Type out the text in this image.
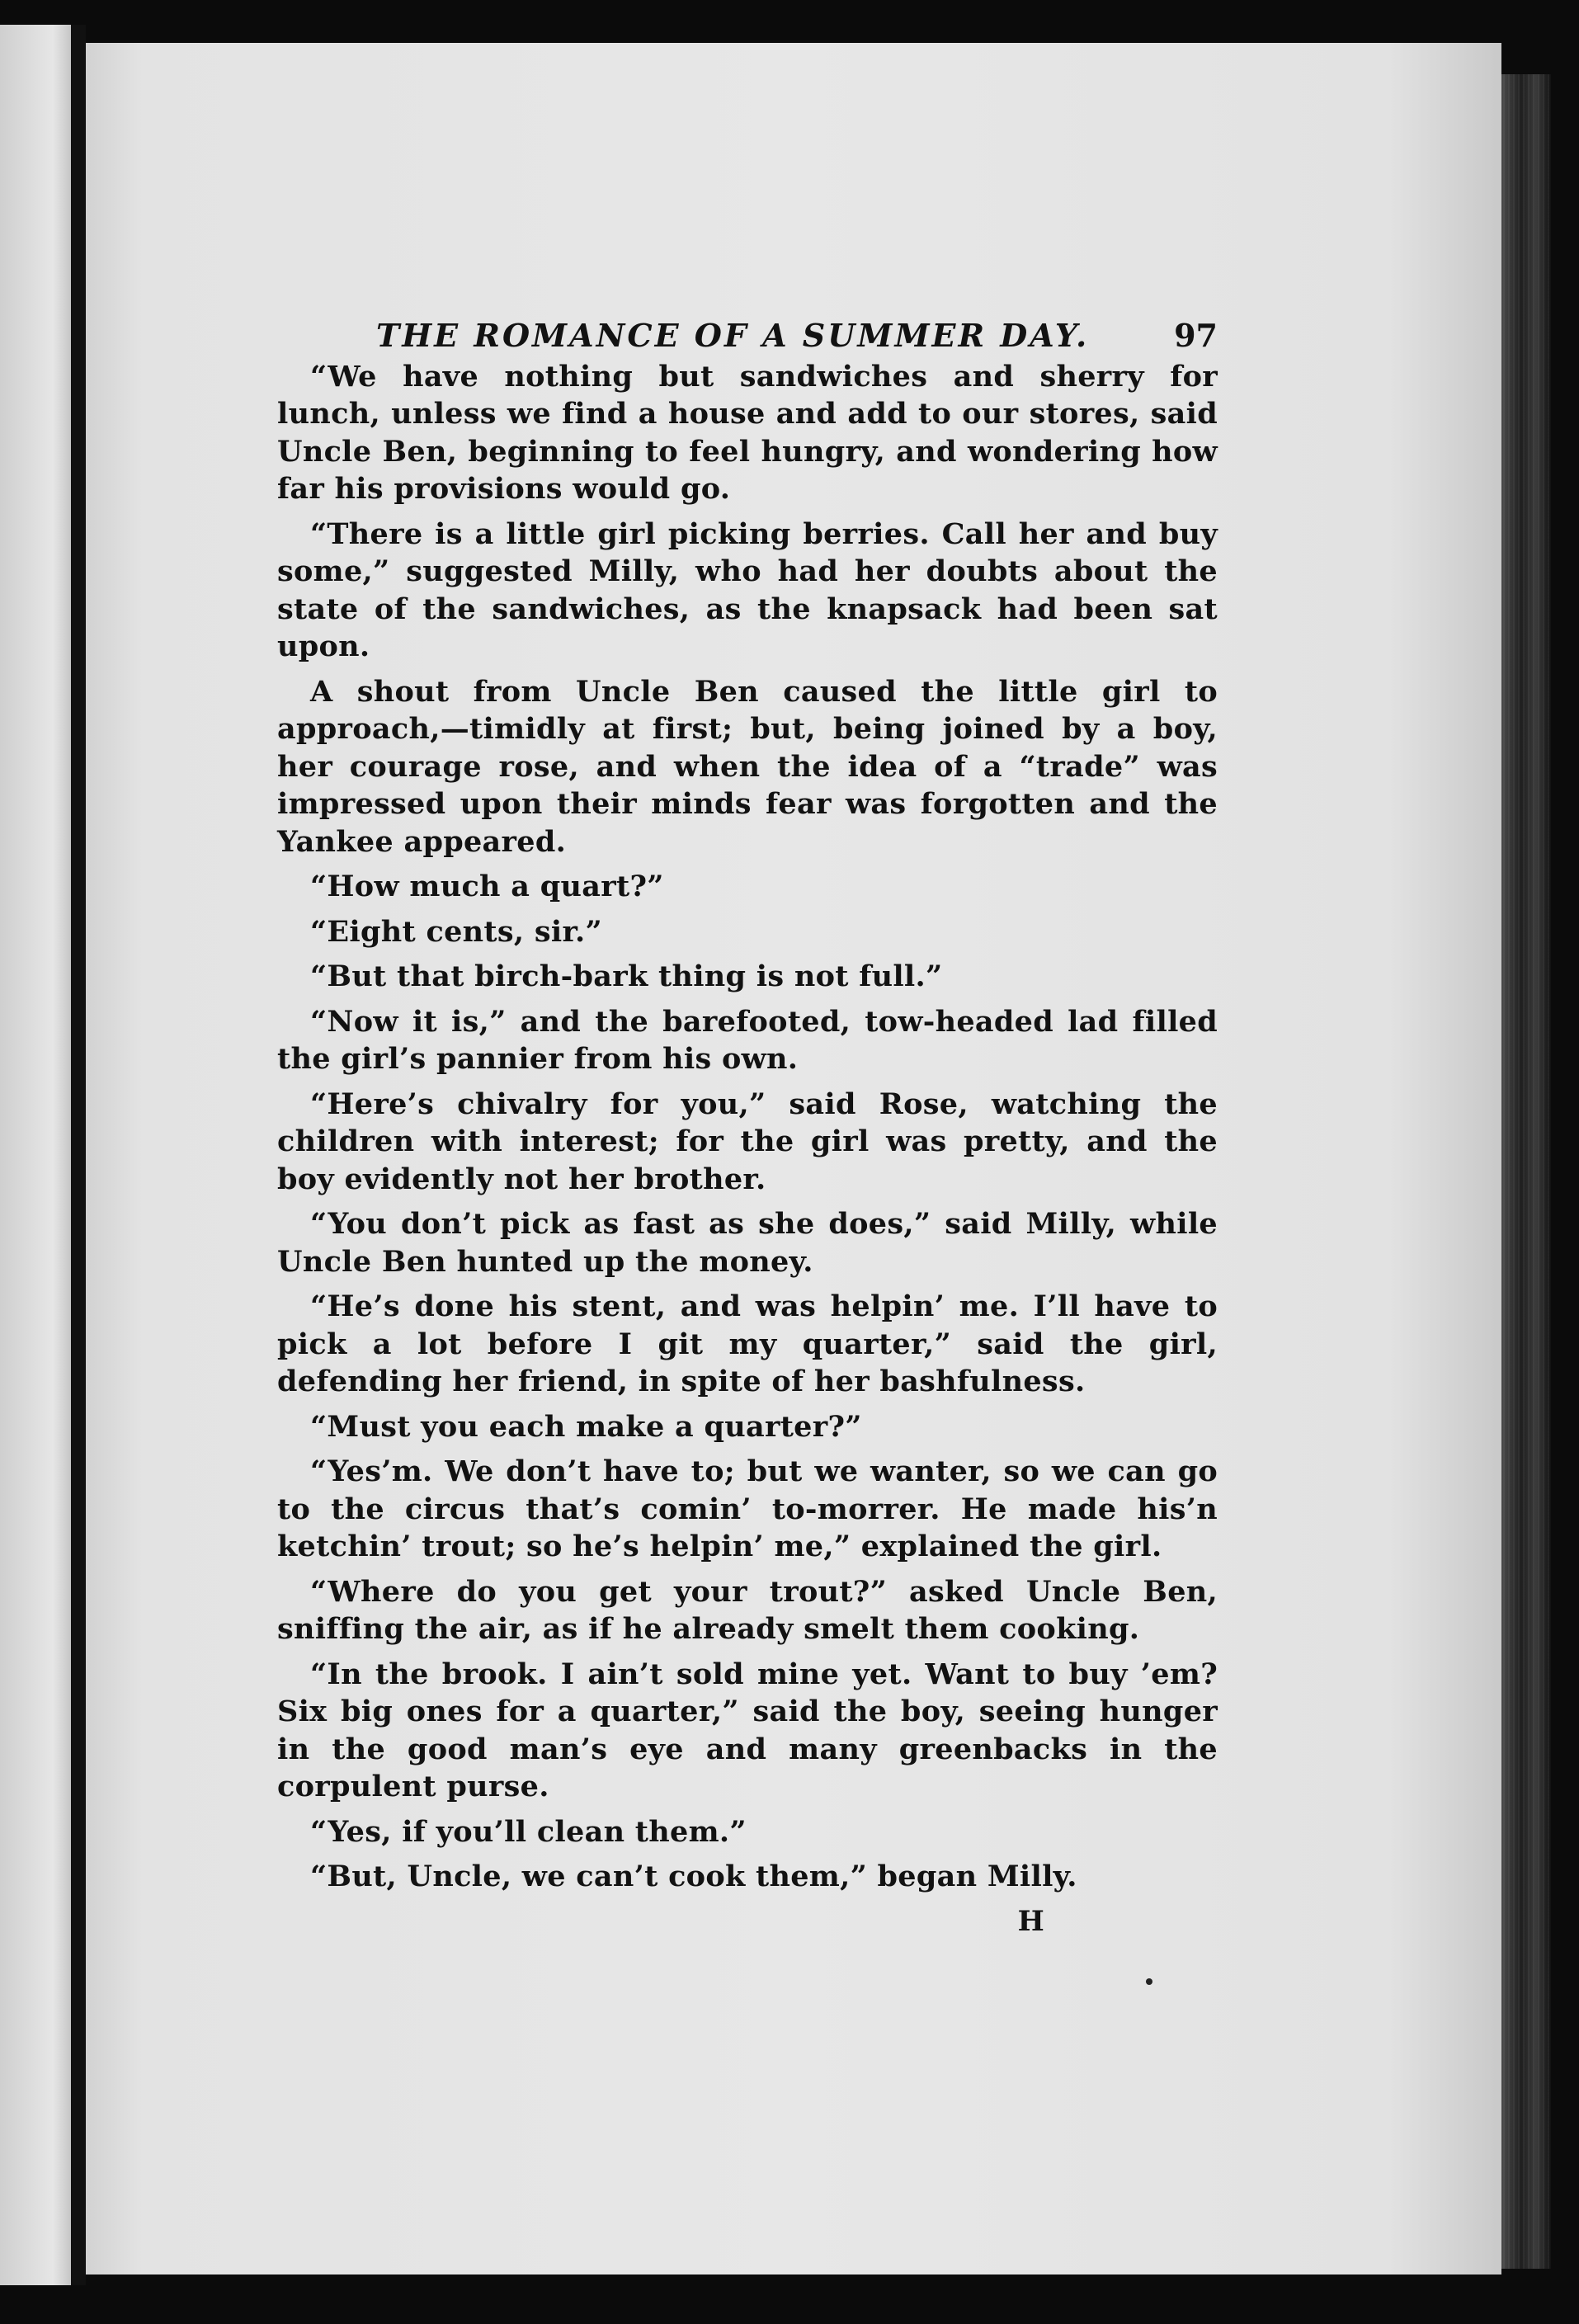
THE ROMANCE OF A SUMMER DAY.	97

“We have nothing but sandwiches and sherry for lunch, unless we find a house and add to our stores, said Uncle Ben, beginning to feel hungry, and wondering how far his provisions would go.

“There is a little girl picking berries. Call her and buy some,” suggested Milly, who had her doubts about the state of the sandwiches, as the knapsack had been sat upon.

A shout from Uncle Ben caused the little girl to approach,—timidly at first; but, being joined by a boy, her courage rose, and when the idea of a “trade” was impressed upon their minds fear was forgotten and the Yankee appeared.

“How much a quart?”

“Eight cents, sir.”

“But that birch-bark thing is not full.”

“Now it is,” and the barefooted, tow-headed lad filled the girl’s pannier from his own.

“Here’s chivalry for you,” said Rose, watching the children with interest; for the girl was pretty, and the boy evidently not her brother.

“You don’t pick as fast as she does,” said Milly, while Uncle Ben hunted up the money.

“He’s done his stent, and was helpin’ me. I’ll have to pick a lot before I git my quarter,” said the girl, defending her friend, in spite of her bashfulness.

“Must you each make a quarter?”

“Yes’m. We don’t have to; but we wanter, so we can go to the circus that’s comin’ to-morrer. He made his’n ketchin’ trout; so he’s helpin’ me,” explained the girl.

“Where do you get your trout?” asked Uncle Ben, sniffing the air, as if he already smelt them cooking.

“In the brook. I ain’t sold mine yet. Want to buy ’em? Six big ones for a quarter,” said the boy, seeing hunger in the good man’s eye and many greenbacks in the corpulent purse.

“Yes, if you’ll clean them.”

“But, Uncle, we can’t cook them,” began Milly.

H
